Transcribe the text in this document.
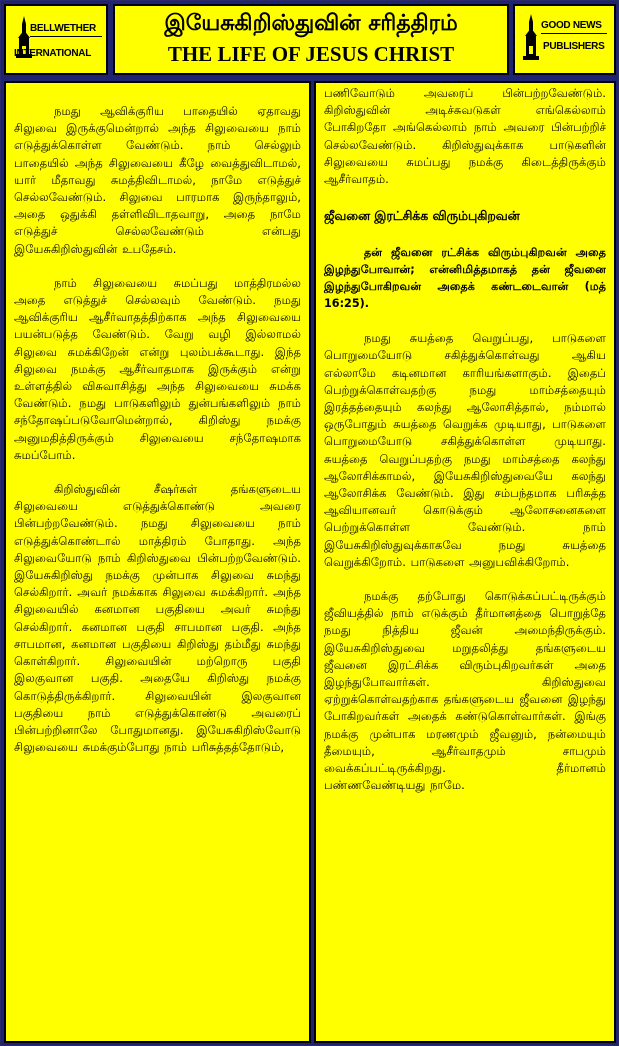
BELLWETHER
INTERNATIONAL
இயேசுகிறிஸ்துவின் சரித்திரம்
THE LIFE OF JESUS CHRIST
GOOD NEWS
PUBLISHERS

நமது ஆவிக்குரிய பாதையில் ஏதாவது சிலுவை இருக்குமென்றால் அந்த சிலுவையை நாம் எடுத்துக்கொள்ள வேண்டும். நாம் செல்லும் பாதையில் அந்த சிலுவையை கீழே வைத்துவிடாமல், யார் மீதாவது சுமத்திவிடாமல், நாமே எடுத்துச் செல்லவேண்டும். சிலுவை பாரமாக இருந்தாலும், அதை ஒதுக்கி தள்ளிவிடாதவாறு, அதை நாமே எடுத்துச் செல்லவேண்டும் என்பது இயேசுகிறிஸ்துவின் உபதேசம்.

நாம் சிலுவையை சுமப்பது மாத்திரமல்ல அதை எடுத்துச் செல்லவும் வேண்டும். நமது ஆவிக்குரிய ஆசீர்வாதத்திற்காக அந்த சிலுவையை பயன்படுத்த வேண்டும். வேறு வழி இல்லாமல் சிலுவை சுமக்கிறேன் என்று புலம்பக்கூடாது. இந்த சிலுவை நமக்கு ஆசீர்வாதமாக இருக்கும் என்று உள்ளத்தில் விசுவாசித்து அந்த சிலுவையை சுமக்க வேண்டும். நமது பாடுகளிலும் துன்பங்களிலும் நாம் சந்தோஷப்படுவோமென்றால், கிறிஸ்து நமக்கு அனுமதித்திருக்கும் சிலுவையை சந்தோஷமாக சுமப்போம்.

கிறிஸ்துவின் சீஷர்கள் தங்களுடைய சிலுவையை எடுத்துக்கொண்டு அவரை பின்பற்றவேண்டும். நமது சிலுவையை நாம் எடுத்துக்கொண்டால் மாத்திரம் போதாது. அந்த சிலுவையோடு நாம் கிறிஸ்துவை பின்பற்றவேண்டும். இயேசுகிறிஸ்து நமக்கு முன்பாக சிலுவை சுமந்து செல்கிறார். அவர் நமக்காக சிலுவை சுமக்கிறார். அந்த சிலுவையில் கனமான பகுதியை அவர் சுமந்து செல்கிறார். கனமான பகுதி சாபமான பகுதி. அந்த சாபமான, கனமான பகுதியை கிறிஸ்து தம்மீது சுமந்து கொள்கிறார். சிலுவையின் மற்றொரு பகுதி இலகுவான பகுதி. அதையே கிறிஸ்து நமக்கு கொடுத்திருக்கிறார். சிலுவையின் இலகுவான பகுதியை நாம் எடுத்துக்கொண்டு அவரைப் பின்பற்றினாலே போதுமானது. இயேசுகிறிஸ்வோடு சிலுவையை சுமக்கும்போது நாம் பரிசுத்தத்தோடும்,

பணிவோடும் அவரைப் பின்பற்றவேண்டும். கிறிஸ்துவின் அடிச்சுவடுகள் எங்கெல்லாம் போகிறதோ அங்கெல்லாம் நாம் அவரை பின்பற்றிச் செல்லவேண்டும். கிறிஸ்துவுக்காக பாடுகளின் சிலுவையை சுமப்பது நமக்கு கிடைத்திருக்கும் ஆசீர்வாதம்.

ஜீவனை இரட்சிக்க விரும்புகிறவன்

தன் ஜீவனை ரட்சிக்க விரும்புகிறவன் அதை இழந்துபோவான்; என்னிமித்தமாகத் தன் ஜீவனை இழந்துபோகிறவன் அதைக் கண்டடைவான் (மத் 16:25).

நமது சுயத்தை வெறுப்பது, பாடுகளை பொறுமையோடு சகித்துக்கொள்வது ஆகிய எல்லாமே கடினமான காரியங்களாகும். இதைப் பெற்றுக்கொள்வதற்கு நமது மாம்சத்தையும் இரத்தத்தையும் கலந்து ஆலோசித்தால், நம்மால் ஒருபோதும் சுயத்தை வெறுக்க முடியாது, பாடுகளை பொறுமையோடு சகித்துக்கொள்ள முடியாது. சுயத்தை வெறுப்பதற்கு நமது மாம்சத்தை கலந்து ஆலோசிக்காமல், இயேசுகிறிஸ்துவையே கலந்து ஆலோசிக்க வேண்டும். இது சம்பந்தமாக பரிசுத்த ஆவியானவர் கொடுக்கும் ஆலோசனைகளை பெற்றுக்கொள்ள வேண்டும். நாம் இயேசுகிறிஸ்துவுக்காகவே நமது சுயத்தை வெறுக்கிறோம். பாடுகளை அனுபவிக்கிறோம்.

நமக்கு தற்போது கொடுக்கப்பட்டிருக்கும் ஜீவியத்தில் நாம் எடுக்கும் தீர்மானத்தை பொறுத்தே நமது நித்திய ஜீவன் அமைந்திருக்கும். இயேசுகிறிஸ்துவை மறுதலித்து தங்களுடைய ஜீவனை இரட்சிக்க விரும்புகிறவர்கள் அதை இழந்துபோவார்கள். கிறிஸ்துவை ஏற்றுக்கொள்வதற்காக தங்களுடைய ஜீவனை இழந்து போகிறவர்கள் அதைக் கண்டுகொள்வார்கள். இங்கு நமக்கு முன்பாக மரணமும் ஜீவனும், நன்மையும் தீமையும், ஆசீர்வாதமும் சாபமும் வைக்கப்பட்டிருக்கிறது. தீர்மானம் பண்ணவேண்டியது நாமே.
